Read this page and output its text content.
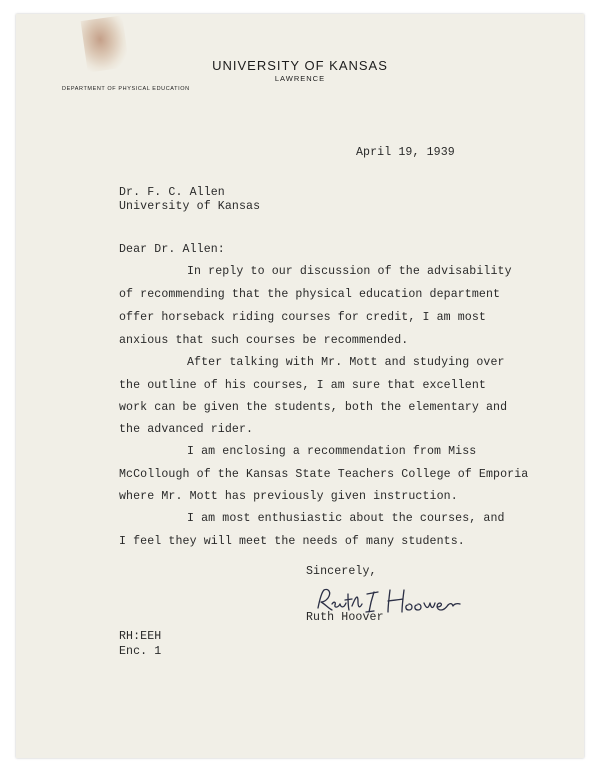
UNIVERSITY OF KANSAS
LAWRENCE
DEPARTMENT OF PHYSICAL EDUCATION
April 19, 1939
Dr. F. C. Allen
University of Kansas
Dear Dr. Allen:
In reply to our discussion of the advisability
of recommending that the physical education department
offer horseback riding courses for credit, I am most
anxious that such courses be recommended.
After talking with Mr. Mott and studying over
the outline of his courses, I am sure that excellent
work can be given the students, both the elementary and
the advanced rider.
I am enclosing a recommendation from Miss
McCollough of the Kansas State Teachers College of Emporia
where Mr. Mott has previously given instruction.
I am most enthusiastic about the courses, and
I feel they will meet the needs of many students.
Sincerely,
Ruth Hoover
RH:EEH
Enc. 1
